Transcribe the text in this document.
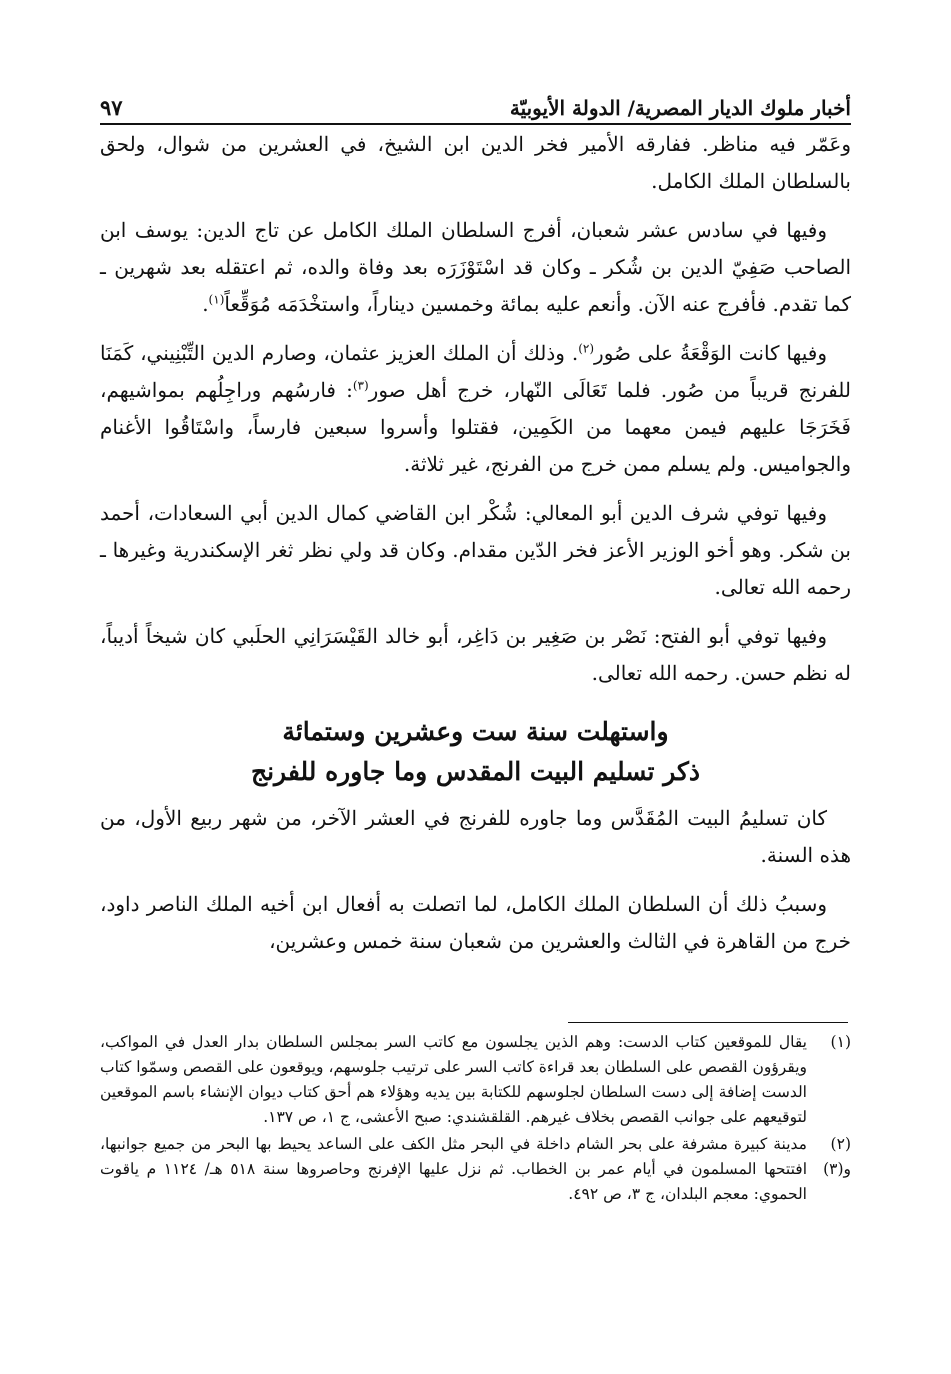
أخبار ملوك الديار المصرية/ الدولة الأيوبيّة
٩٧

وعَمّر فيه مناظر. ففارقه الأمير فخر الدين ابن الشيخ، في العشرين من شوال، ولحق بالسلطان الملك الكامل.

وفيها في سادس عشر شعبان، أفرج السلطان الملك الكامل عن تاج الدين: يوسف ابن الصاحب صَفِيّ الدين بن شُكر ـ وكان قد اسْتَوْزَرَه بعد وفاة والده، ثم اعتقله بعد شهرين ـ كما تقدم. فأفرج عنه الآن. وأنعم عليه بمائة وخمسين ديناراً، واستخْدَمَه مُوَقِّعاً$^{(١)}$.

وفيها كانت الوَقْعَةُ على صُور$^{(٢)}$. وذلك أن الملك العزيز عثمان، وصارم الدين التِّبْنِيني، كَمَنَا للفرنج قريباً من صُور. فلما تَعَالَى النّهار، خرج أهل صور$^{(٣)}$: فارسُهم وراجِلُهم بمواشيهم، فَخَرَجَا عليهم فيمن معهما من الكَمِين، فقتلوا وأسروا سبعين فارساً، واسْتَاقُوا الأغنام والجواميس. ولم يسلم ممن خرج من الفرنج، غير ثلاثة.

وفيها توفي شرف الدين أبو المعالي: شُكْر ابن القاضي كمال الدين أبي السعادات، أحمد بن شكر. وهو أخو الوزير الأعز فخر الدّين مقدام. وكان قد ولي نظر ثغر الإسكندرية وغيرها ـ رحمه الله تعالى.

وفيها توفي أبو الفتح: نَصْر بن صَغِير بن دَاغِر، أبو خالد القَيْسَرَانِي الحلَبي كان شيخاً أديباً، له نظم حسن. رحمه الله تعالى.

واستهلت سنة ست وعشرين وستمائة

ذكر تسليم البيت المقدس وما جاوره للفرنج

كان تسليمُ البيت المُقَدَّس وما جاوره للفرنج في العشر الآخر، من شهر ربيع الأول، من هذه السنة.

وسببُ ذلك أن السلطان الملك الكامل، لما اتصلت به أفعال ابن أخيه الملك الناصر داود، خرج من القاهرة في الثالث والعشرين من شعبان سنة خمس وعشرين،

(١)
يقال للموقعين كتاب الدست: وهم الذين يجلسون مع كاتب السر بمجلس السلطان بدار العدل في المواكب، ويقرؤون القصص على السلطان بعد قراءة كاتب السر على ترتيب جلوسهم، ويوقعون على القصص وسمّوا كتاب الدست إضافة إلى دست السلطان لجلوسهم للكتابة بين يديه وهؤلاء هم أحق كتاب ديوان الإنشاء باسم الموقعين لتوقيعهم على جوانب القصص بخلاف غيرهم. القلقشندي: صبح الأعشى، ج ١، ص ١٣٧.
(٢) و(٣)
مدينة كبيرة مشرفة على بحر الشام داخلة في البحر مثل الكف على الساعد يحيط بها البحر من جميع جوانبها، افتتحها المسلمون في أيام عمر بن الخطاب. ثم نزل عليها الإفرنج وحاصروها سنة ٥١٨ هـ/ ١١٢٤ م ياقوت الحموي: معجم البلدان، ج ٣، ص ٤٩٢.
